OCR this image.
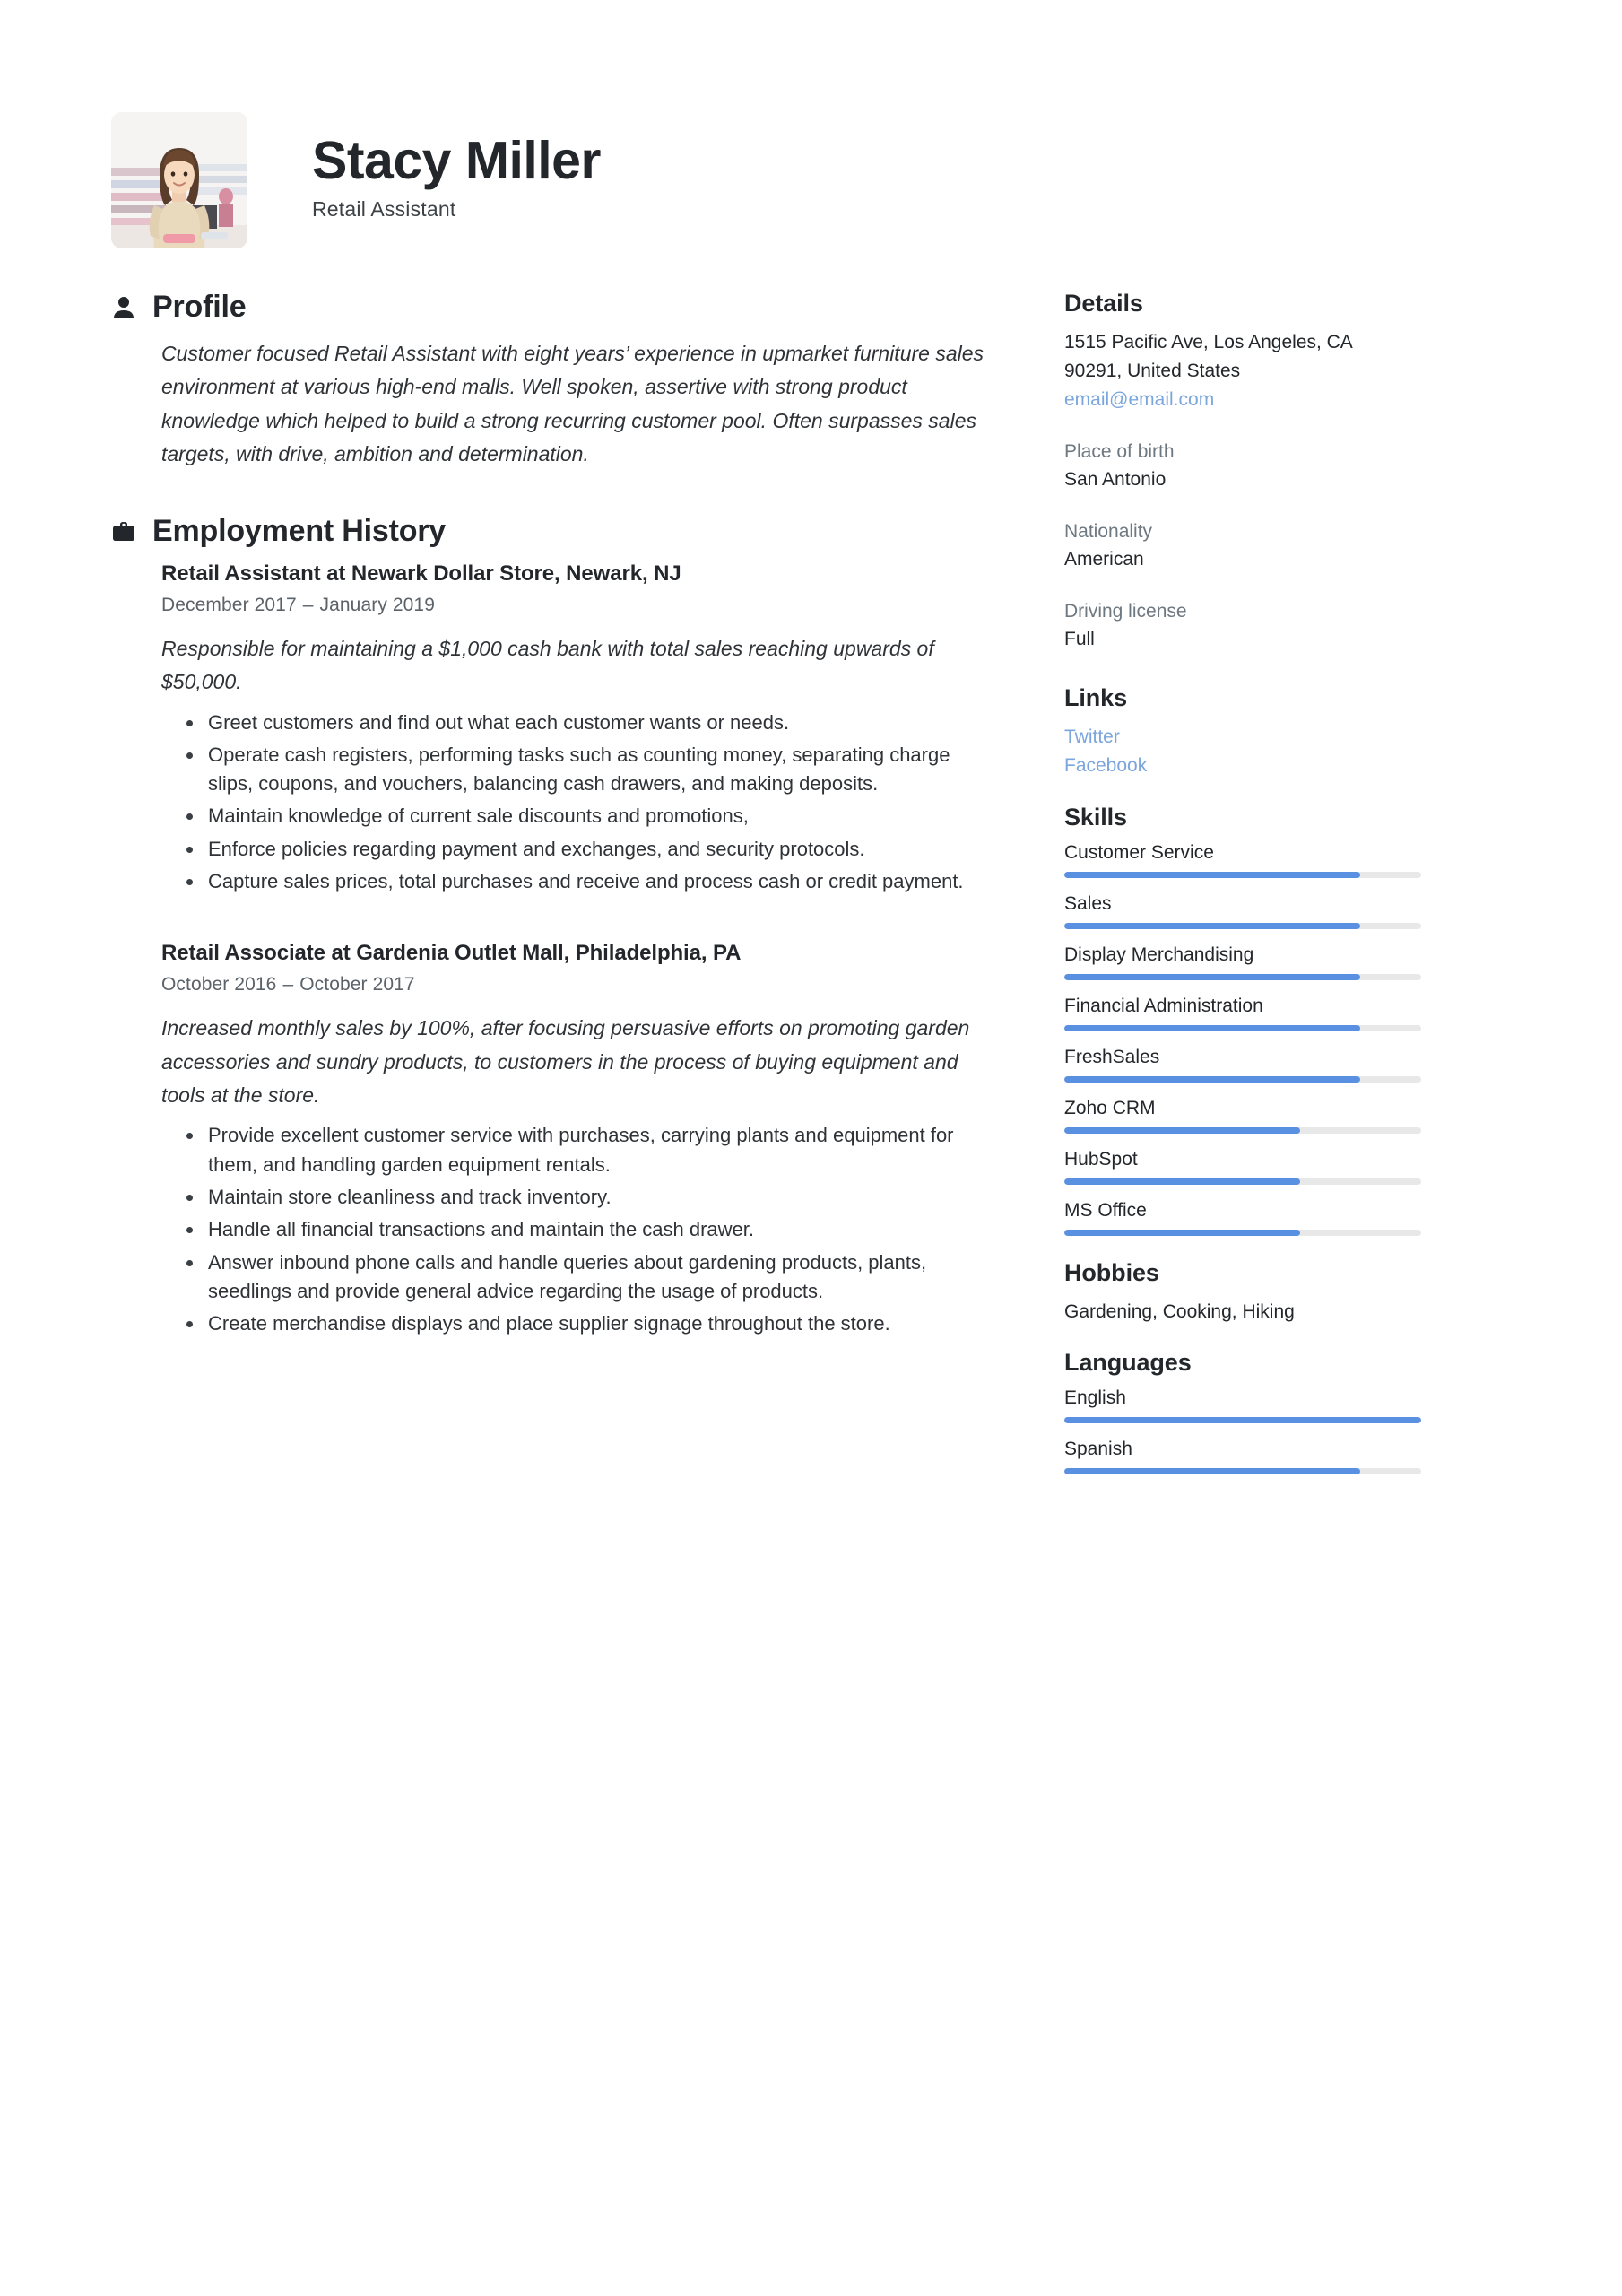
Stacy Miller
Retail Assistant
Profile

Customer focused Retail Assistant with eight years’ experience in upmarket furniture sales environment at various high-end malls. Well spoken, assertive with strong product knowledge which helped to build a strong recurring customer pool. Often surpasses sales targets, with drive, ambition and determination.

Employment History
Retail Assistant at Newark Dollar Store, Newark, NJ
December 2017 – January 2019

Responsible for maintaining a $1,000 cash bank with total sales reaching upwards of $50,000.

Greet customers and find out what each customer wants or needs.
Operate cash registers, performing tasks such as counting money, separating charge slips, coupons, and vouchers, balancing cash drawers, and making deposits.
Maintain knowledge of current sale discounts and promotions,
Enforce policies regarding payment and exchanges, and security protocols.
Capture sales prices, total purchases and receive and process cash or credit payment.
Retail Associate at Gardenia Outlet Mall, Philadelphia, PA
October 2016 – October 2017

Increased monthly sales by 100%, after focusing persuasive efforts on promoting garden accessories and sundry products, to customers in the process of buying equipment and tools at the store.

Provide excellent customer service with purchases, carrying plants and equipment for them, and handling garden equipment rentals.
Maintain store cleanliness and track inventory.
Handle all financial transactions and maintain the cash drawer.
Answer inbound phone calls and handle queries about gardening products, plants, seedlings and provide general advice regarding the usage of products.
Create merchandise displays and place supplier signage throughout the store.
Details
1515 Pacific Ave, Los Angeles, CA
90291, United States
email@email.com
Place of birth
San Antonio
Nationality
American
Driving license
Full
Links
Twitter
Facebook
Skills
Customer Service
Sales
Display Merchandising
Financial Administration
FreshSales
Zoho CRM
HubSpot
MS Office
Hobbies
Gardening, Cooking, Hiking
Languages
English
Spanish
